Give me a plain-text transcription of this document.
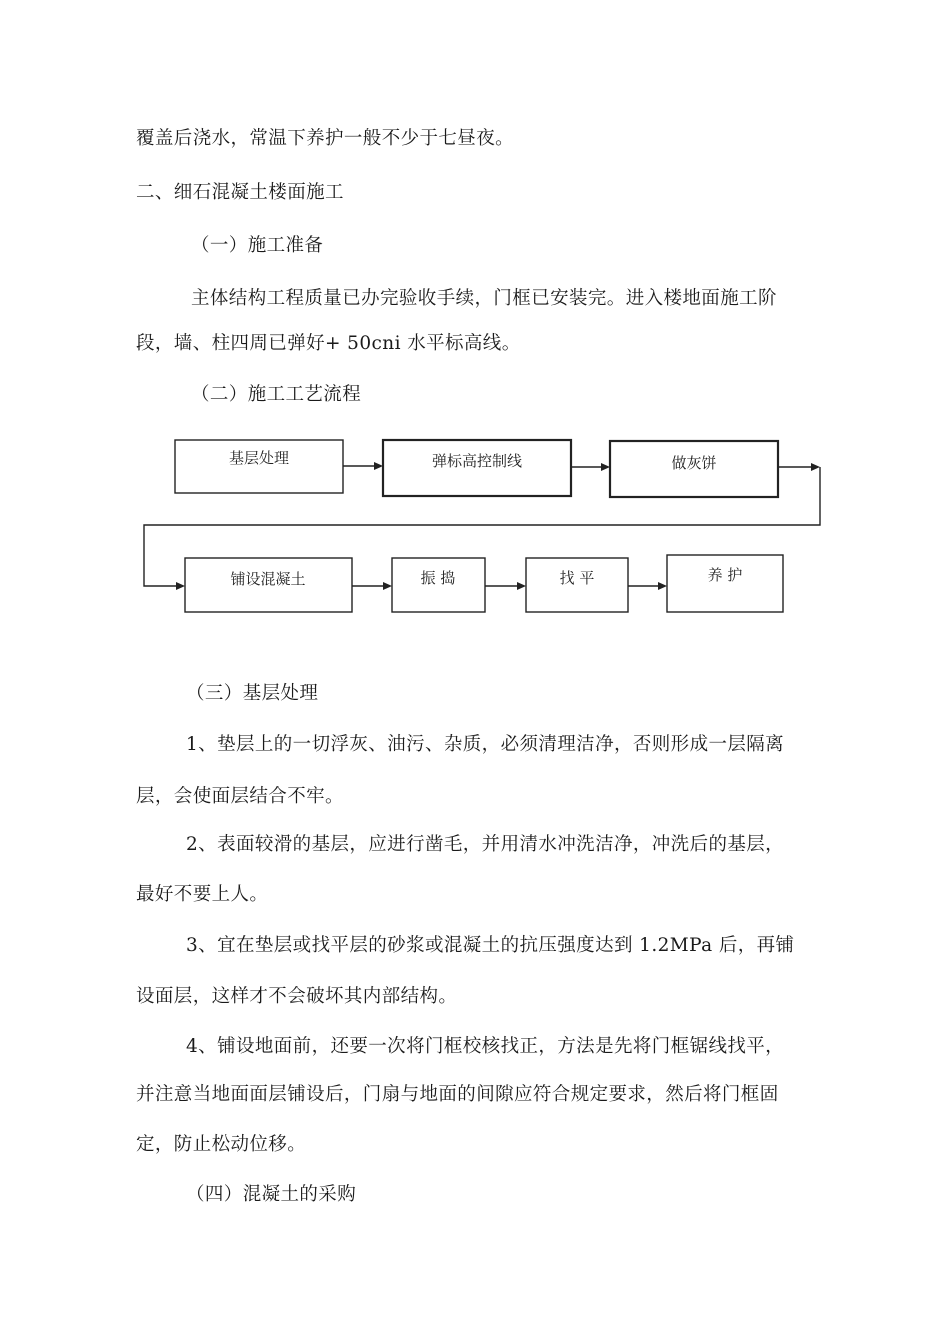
覆盖后浇水，常温下养护一般不少于七昼夜。
二、细石混凝土楼面施工
（一）施工准备
主体结构工程质量已办完验收手续，门框已安装完。进入楼地面施工阶
段，墙、柱四周已弹好+ 50cni 水平标高线。
（二）施工工艺流程
基层处理	弹标高控制线	做灰饼
铺设混凝土	振 捣	找 平	养 护
（三）基层处理
1、垫层上的一切浮灰、油污、杂质，必须清理洁净，否则形成一层隔离
层，会使面层结合不牢。
2、表面较滑的基层，应进行凿毛，并用清水冲洗洁净，冲洗后的基层，
最好不要上人。
3、宜在垫层或找平层的砂浆或混凝土的抗压强度达到 1.2MPa 后，再铺
设面层，这样才不会破坏其内部结构。
4、铺设地面前，还要一次将门框校核找正，方法是先将门框锯线找平，
并注意当地面面层铺设后，门扇与地面的间隙应符合规定要求，然后将门框固
定，防止松动位移。
（四）混凝土的采购
